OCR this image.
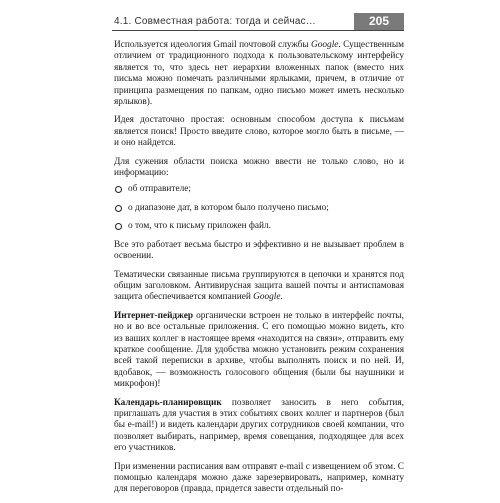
4.1. Совместная работа: тогда и сейчас…	205

Используется идеология Gmail почтовой службы Google. Существенным отличием от традиционного подхода к пользовательскому интерфейсу является то, что здесь нет иерархии вложенных папок (вместо них письма можно помечать различными ярлыками, причем, в отличие от принципа размещения по папкам, одно письмо может иметь несколько ярлыков).

Идея достаточно простая: основным способом доступа к письмам является поиск! Просто введите слово, которое могло быть в письме, — и оно найдется.

Для сужения области поиска можно ввести не только слово, но и информацию:

об отправителе;
о диапазоне дат, в котором было получено письмо;
о том, что к письму приложен файл.

Все это работает весьма быстро и эффективно и не вызывает проблем в освоении.

Тематически связанные письма группируются в цепочки и хранятся под общим заголовком. Антивирусная защита вашей почты и антиспамовая защита обеспечивается компанией Google.

Интернет-пейджер органически встроен не только в интерфейс почты, но и во все остальные приложения. С его помощью можно видеть, кто из ваших коллег в настоящее время «находится на связи», отправить ему краткое сообщение. Для удобства можно установить режим сохранения всей такой переписки в архиве, чтобы выполнять поиск и по ней. И, вдобавок, — возможность голосового общения (были бы наушники и микрофон)!

Календарь-планировщик позволяет заносить в него события, приглашать для участия в этих событиях своих коллег и партнеров (был бы e-mail!) и видеть календари других сотрудников своей компании, что позволяет выбирать, например, время совещания, подходящее для всех его участников.

При изменении расписания вам отправят e-mail с извещением об этом. С помощью календаря можно даже зарезервировать, например, комнату для переговоров (правда, придется завести отдельный по-
